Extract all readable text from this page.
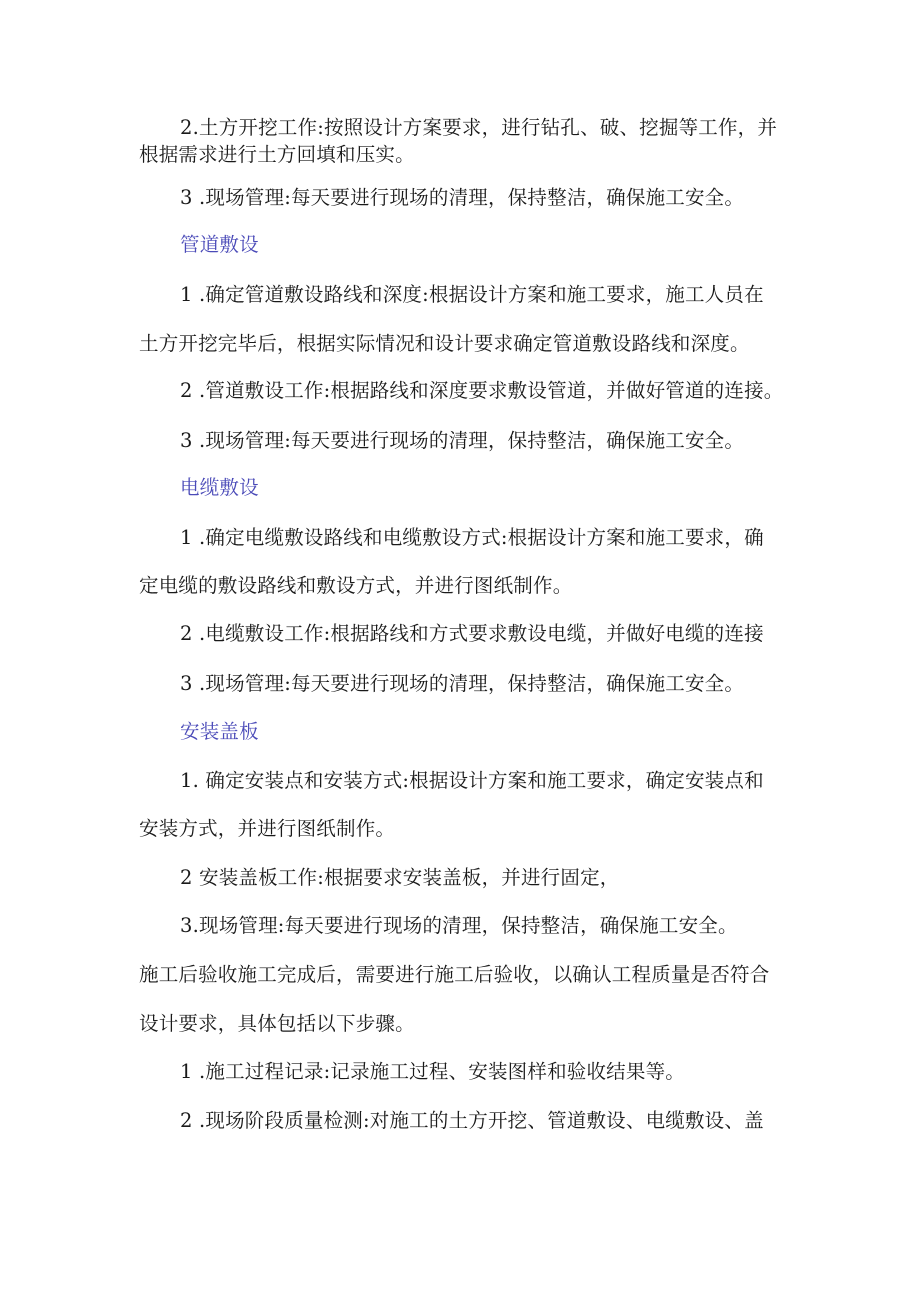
2.土方开挖工作:按照设计方案要求，进行钻孔、破、挖掘等工作，并
根据需求进行土方回填和压实。
3 .现场管理:每天要进行现场的清理，保持整洁，确保施工安全。
管道敷设
1 .确定管道敷设路线和深度:根据设计方案和施工要求，施工人员在
土方开挖完毕后，根据实际情况和设计要求确定管道敷设路线和深度。
2 .管道敷设工作:根据路线和深度要求敷设管道，并做好管道的连接。
3 .现场管理:每天要进行现场的清理，保持整洁，确保施工安全。
电缆敷设
1 .确定电缆敷设路线和电缆敷设方式:根据设计方案和施工要求，确
定电缆的敷设路线和敷设方式，并进行图纸制作。
2 .电缆敷设工作:根据路线和方式要求敷设电缆，并做好电缆的连接
3 .现场管理:每天要进行现场的清理，保持整洁，确保施工安全。
安装盖板
1. 确定安装点和安装方式:根据设计方案和施工要求，确定安装点和
安装方式，并进行图纸制作。
2 安装盖板工作:根据要求安装盖板，并进行固定，
3.现场管理:每天要进行现场的清理，保持整洁，确保施工安全。
施工后验收施工完成后，需要进行施工后验收，以确认工程质量是否符合
设计要求，具体包括以下步骤。
1 .施工过程记录:记录施工过程、安装图样和验收结果等。
2 .现场阶段质量检测:对施工的土方开挖、管道敷设、电缆敷设、盖
